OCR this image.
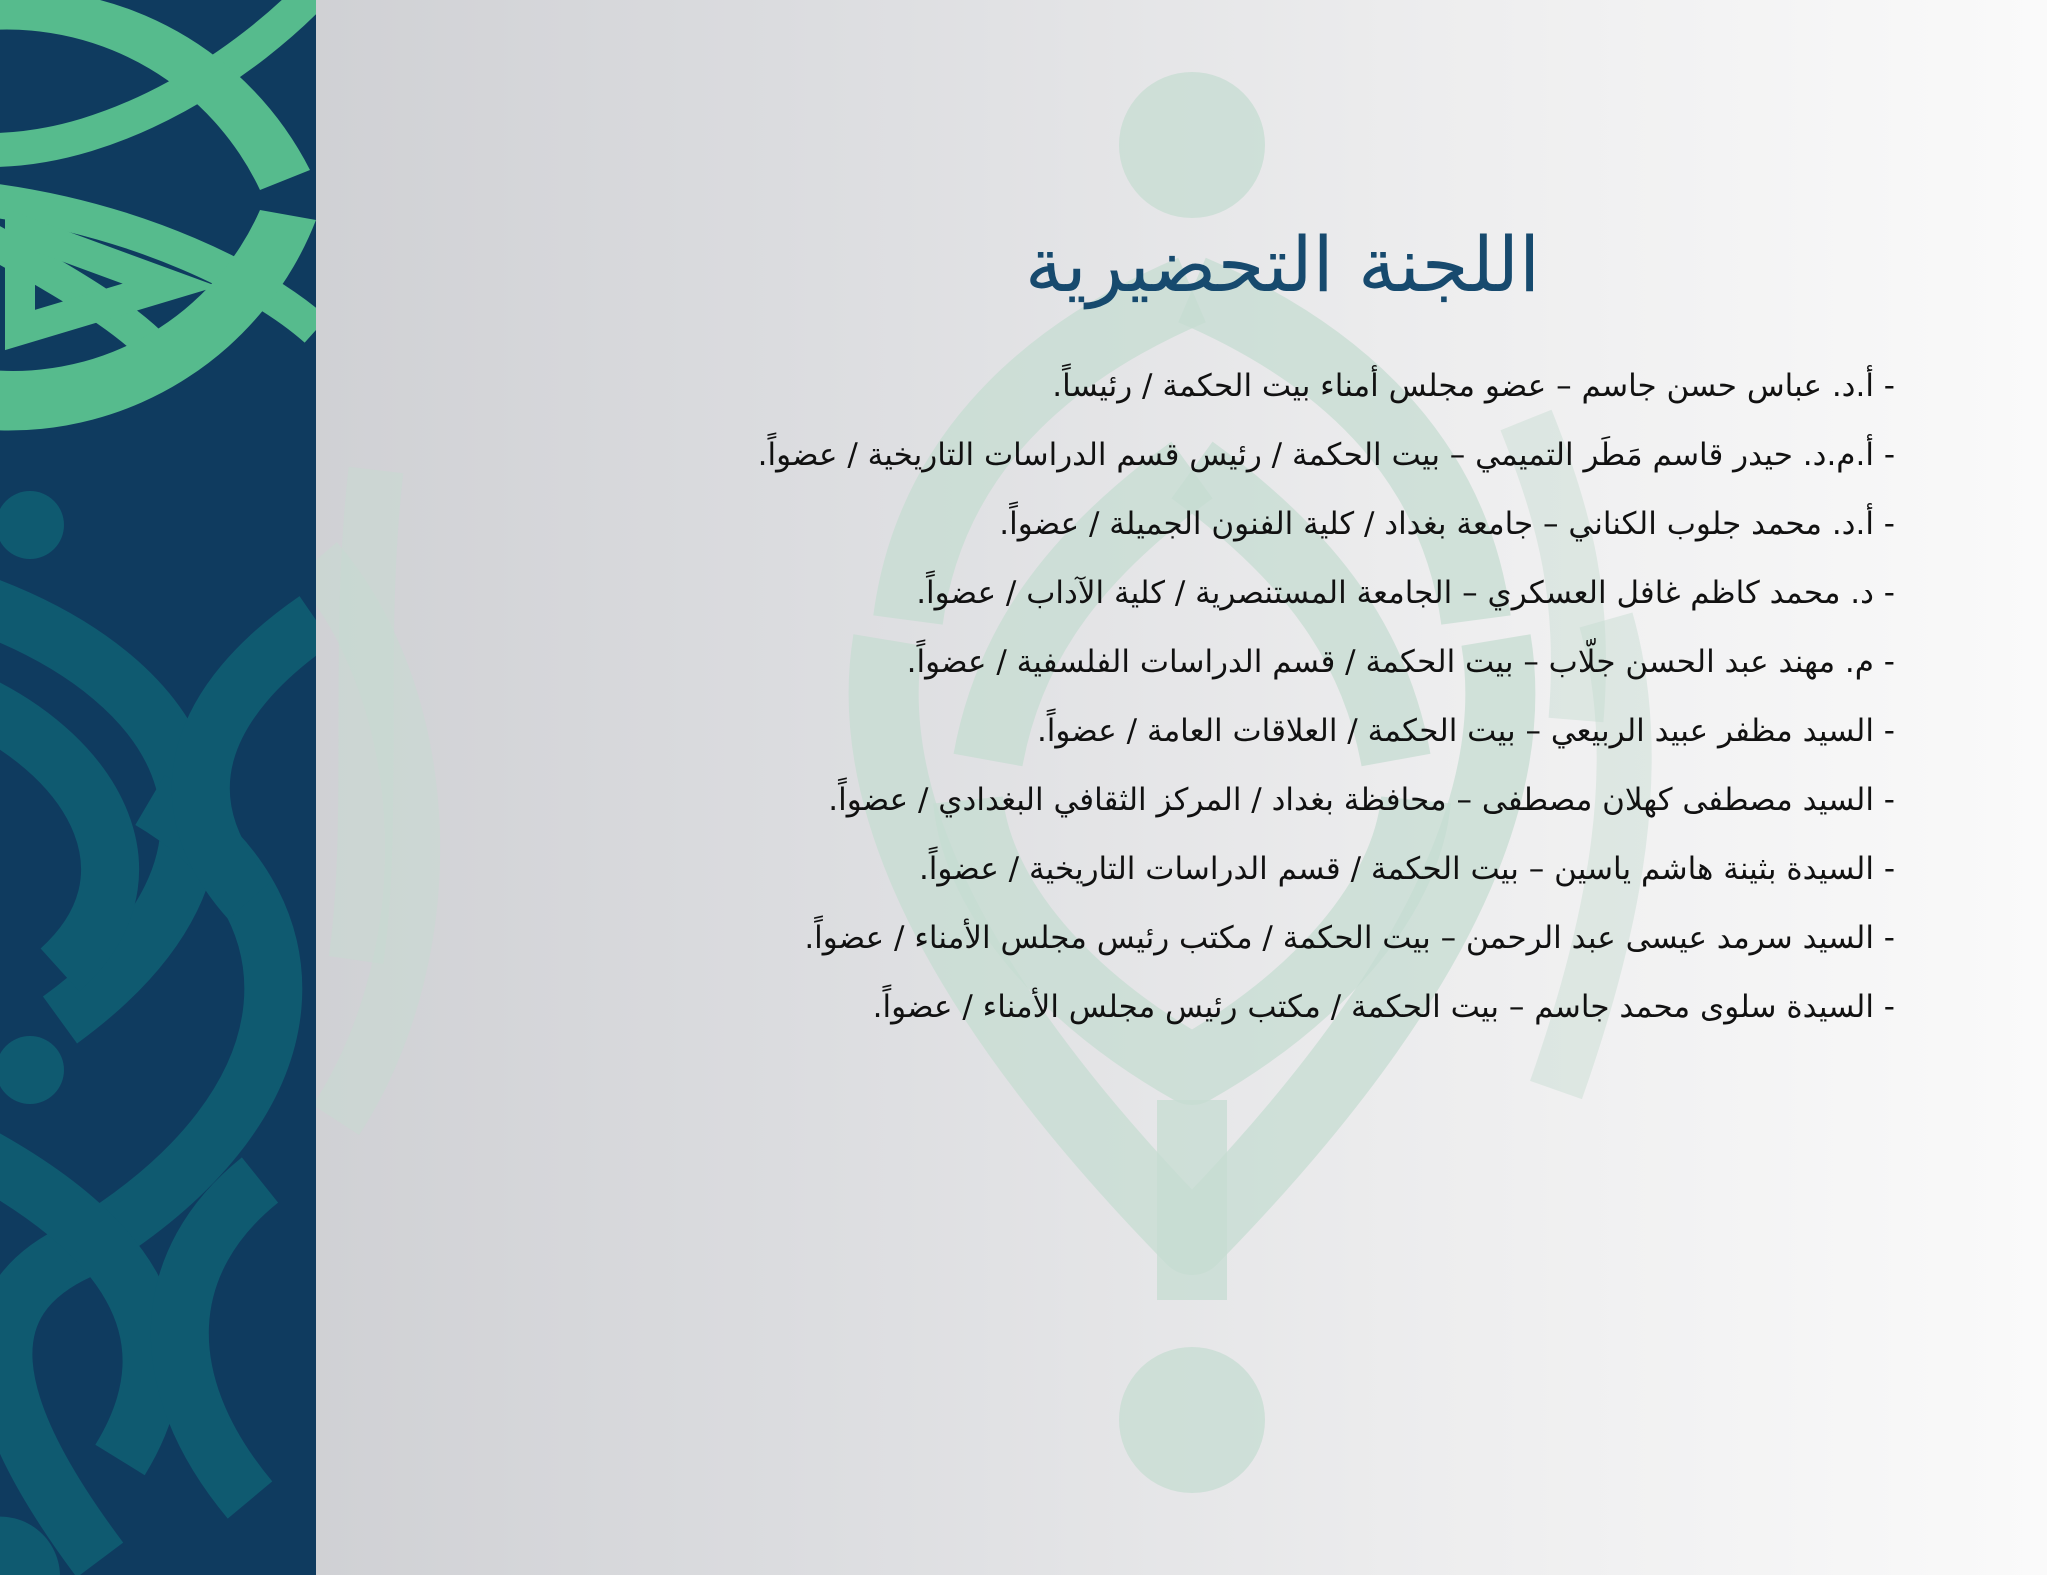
اللجنة التحضيرية
- أ.د. عباس حسن جاسم – عضو مجلس أمناء بيت الحكمة / رئيساً.
- أ.م.د. حيدر قاسم مَطَر التميمي – بيت الحكمة / رئيس قسم الدراسات التاريخية / عضواً.
- أ.د. محمد جلوب الكناني – جامعة بغداد / كلية الفنون الجميلة / عضواً.
- د. محمد كاظم غافل العسكري – الجامعة المستنصرية / كلية الآداب / عضواً.
- م. مهند عبد الحسن جلّاب – بيت الحكمة / قسم الدراسات الفلسفية / عضواً.
- السيد مظفر عبيد الربيعي – بيت الحكمة / العلاقات العامة / عضواً.
- السيد مصطفى كهلان مصطفى – محافظة بغداد / المركز الثقافي البغدادي / عضواً.
- السيدة بثينة هاشم ياسين – بيت الحكمة / قسم الدراسات التاريخية / عضواً.
- السيد سرمد عيسى عبد الرحمن – بيت الحكمة / مكتب رئيس مجلس الأمناء / عضواً.
- السيدة سلوى محمد جاسم – بيت الحكمة / مكتب رئيس مجلس الأمناء / عضواً.
